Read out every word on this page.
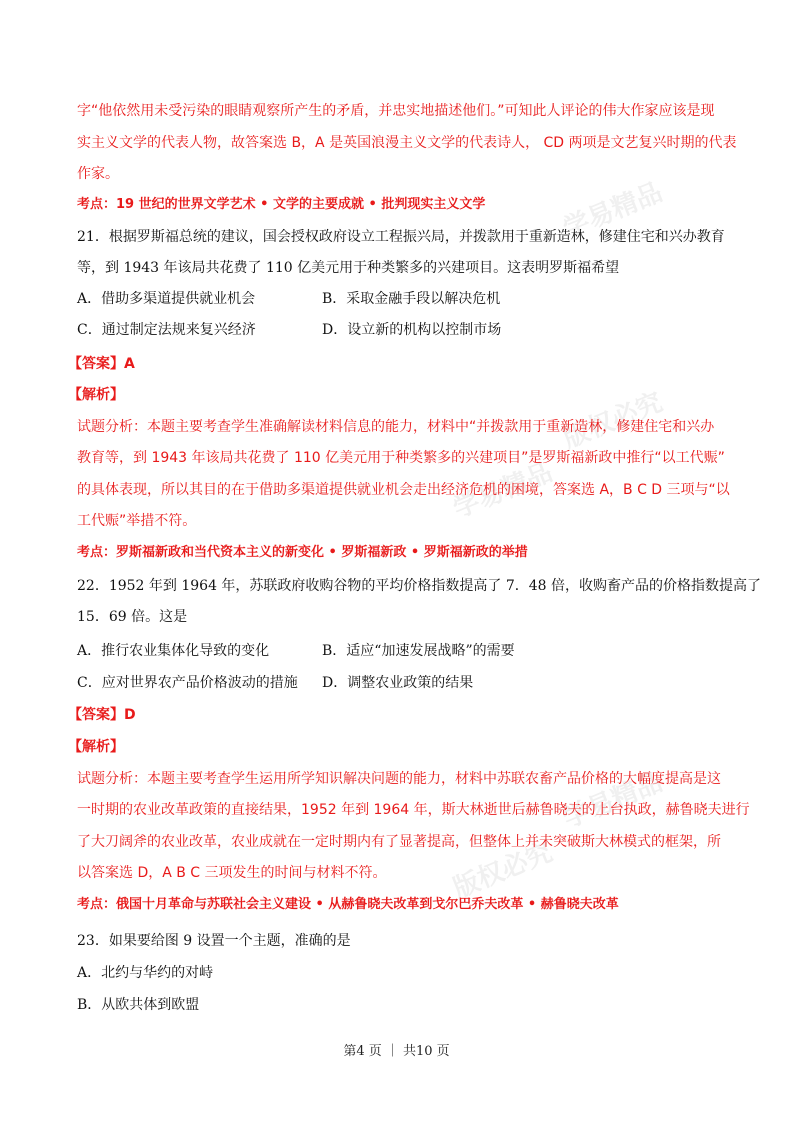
学易精品
版权必究
学易精品
学易精品
版权必究
字“他依然用未受污染的眼睛观察所产生的矛盾，并忠实地描述他们。”可知此人评论的伟大作家应该是现
实主义文学的代表人物，故答案选 B，A 是英国浪漫主义文学的代表诗人， CD 两项是文艺复兴时期的代表
作家。
考点：19 世纪的世界文学艺术 • 文学的主要成就 • 批判现实主义文学
21．根据罗斯福总统的建议，国会授权政府设立工程振兴局，并拨款用于重新造林，修建住宅和兴办教育
等，到 1943 年该局共花费了 110 亿美元用于种类繁多的兴建项目。这表明罗斯福希望
A．借助多渠道提供就业机会	B．采取金融手段以解决危机
C．通过制定法规来复兴经济	D．设立新的机构以控制市场
【答案】A
【解析】
试题分析：本题主要考查学生准确解读材料信息的能力，材料中“并拨款用于重新造林，修建住宅和兴办
教育等，到 1943 年该局共花费了 110 亿美元用于种类繁多的兴建项目”是罗斯福新政中推行“以工代赈”
的具体表现，所以其目的在于借助多渠道提供就业机会走出经济危机的困境，答案选 A，B C D 三项与“以
工代赈”举措不符。
考点：罗斯福新政和当代资本主义的新变化 • 罗斯福新政 • 罗斯福新政的举措
22．1952 年到 1964 年，苏联政府收购谷物的平均价格指数提高了 7．48 倍，收购畜产品的价格指数提高了
15．69 倍。这是
A．推行农业集体化导致的变化	B．适应“加速发展战略”的需要
C．应对世界农产品价格波动的措施 D．调整农业政策的结果
【答案】D
【解析】
试题分析：本题主要考查学生运用所学知识解决问题的能力，材料中苏联农畜产品价格的大幅度提高是这
一时期的农业改革政策的直接结果，1952 年到 1964 年，斯大林逝世后赫鲁晓夫的上台执政，赫鲁晓夫进行
了大刀阔斧的农业改革，农业成就在一定时期内有了显著提高，但整体上并未突破斯大林模式的框架，所
以答案选 D，A B C 三项发生的时间与材料不符。
考点：俄国十月革命与苏联社会主义建设 • 从赫鲁晓夫改革到戈尔巴乔夫改革 • 赫鲁晓夫改革
23．如果要给图 9 设置一个主题，准确的是
A．北约与华约的对峙
B．从欧共体到欧盟
第4 页 ｜ 共10 页
